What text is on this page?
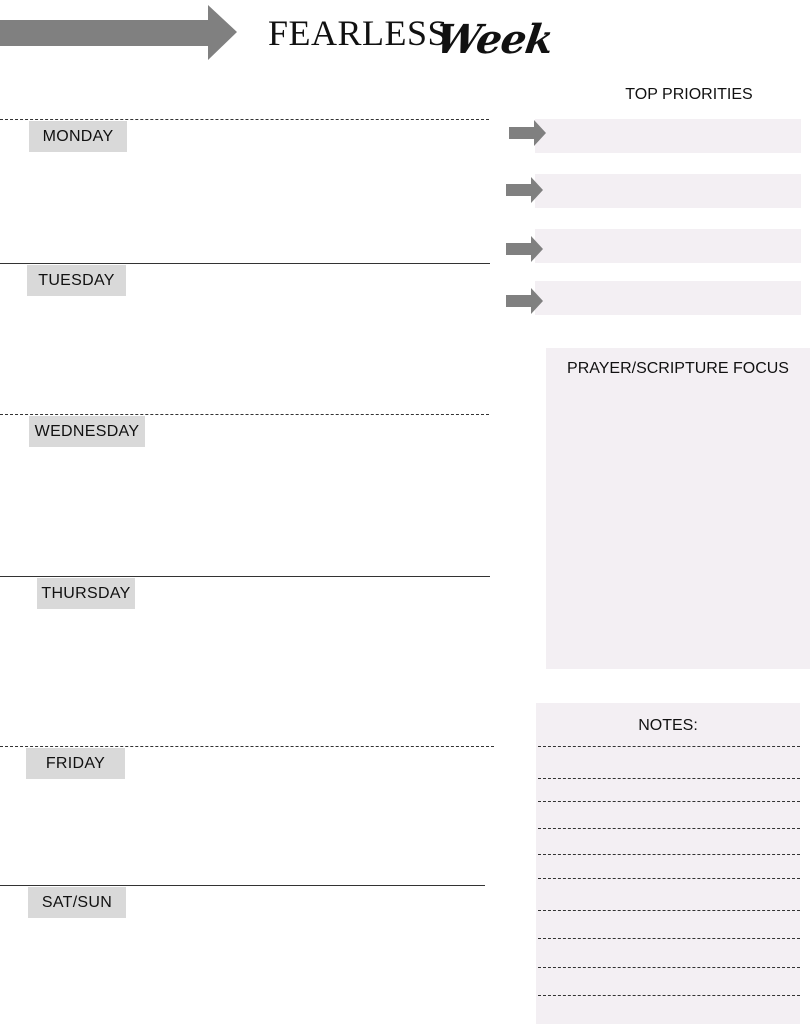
FEARLESS
Week
MONDAY
TUESDAY
WEDNESDAY
THURSDAY
FRIDAY
SAT/SUN
TOP PRIORITIES
PRAYER/SCRIPTURE FOCUS
NOTES:
